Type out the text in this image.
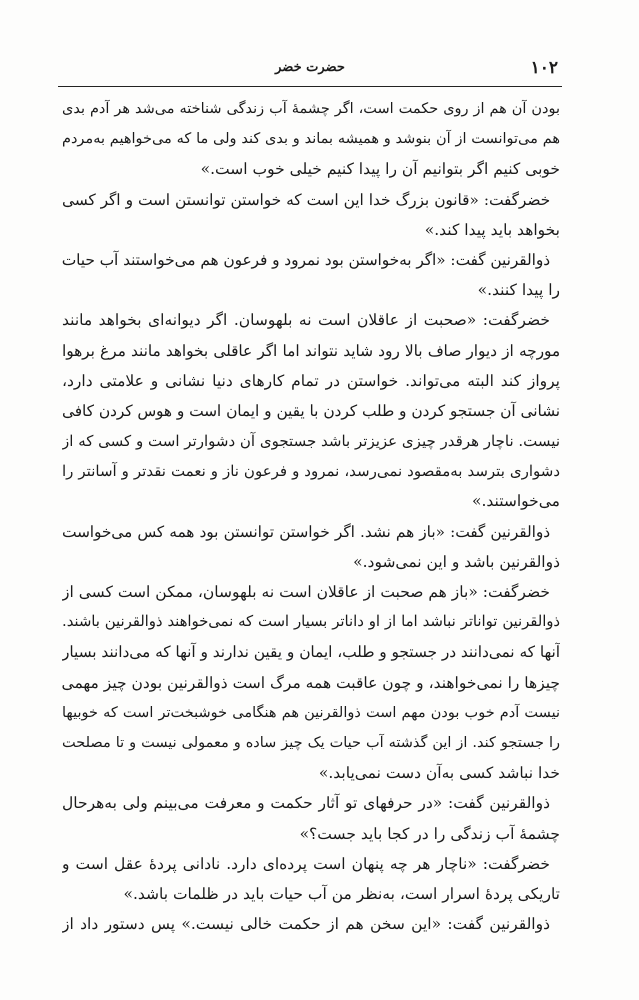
۱۰۲
حضرت خضر
بودن آن هم از روی حکمت است، اگر چشمهٔ آب زندگی شناخته می‌شد هر آدم بدی
هم می‌توانست از آن بنوشد و همیشه بماند و بدی کند ولی ما که می‌خواهیم به‌مردم
خوبی کنیم اگر بتوانیم آن را پیدا کنیم خیلی خوب است.»
خضرگفت: «قانون بزرگ خدا این است که خواستن توانستن است و اگر کسی
بخواهد باید پیدا کند.»
ذوالقرنین گفت: «اگر به‌خواستن بود نمرود و فرعون هم می‌خواستند آب حیات
را پیدا کنند.»
خضرگفت: «صحبت از عاقلان است نه بلهوسان. اگر دیوانه‌ای بخواهد مانند
مورچه از دیوار صاف بالا رود شاید نتواند اما اگر عاقلی بخواهد مانند مرغ برهوا
پرواز کند البته می‌تواند. خواستن در تمام کارهای دنیا نشانی و علامتی دارد،
نشانی آن جستجو کردن و طلب کردن با یقین و ایمان است و هوس کردن کافی
نیست. ناچار هرقدر چیزی عزیزتر باشد جستجوی آن دشوارتر است و کسی که از
دشواری بترسد به‌مقصود نمی‌رسد، نمرود و فرعون ناز و نعمت نقدتر و آسانتر را
می‌خواستند.»
ذوالقرنین گفت: «باز هم نشد. اگر خواستن توانستن بود همه کس می‌خواست
ذوالقرنین باشد و این نمی‌شود.»
خضرگفت: «باز هم صحبت از عاقلان است نه بلهوسان، ممکن است کسی از
ذوالقرنین تواناتر نباشد اما از او داناتر بسیار است که نمی‌خواهند ذوالقرنین باشند.
آنها که نمی‌دانند در جستجو و طلب، ایمان و یقین ندارند و آنها که می‌دانند بسیار
چیزها را نمی‌خواهند، و چون عاقبت همه مرگ است ذوالقرنین بودن چیز مهمی
نیست آدم خوب بودن مهم است ذوالقرنین هم هنگامی خوشبخت‌تر است که خوبیها
را جستجو کند. از این گذشته آب حیات یک چیز ساده و معمولی نیست و تا مصلحت
خدا نباشد کسی به‌آن دست نمی‌یابد.»
ذوالقرنین گفت: «در حرفهای تو آثار حکمت و معرفت می‌بینم ولی به‌هرحال
چشمهٔ آب زندگی را در کجا باید جست؟»
خضرگفت: «ناچار هر چه پنهان است پرده‌ای دارد. نادانی پردهٔ عقل است و
تاریکی پردهٔ اسرار است، به‌نظر من آب حیات باید در ظلمات باشد.»
ذوالقرنین گفت: «این سخن هم از حکمت خالی نیست.» پس دستور داد از
